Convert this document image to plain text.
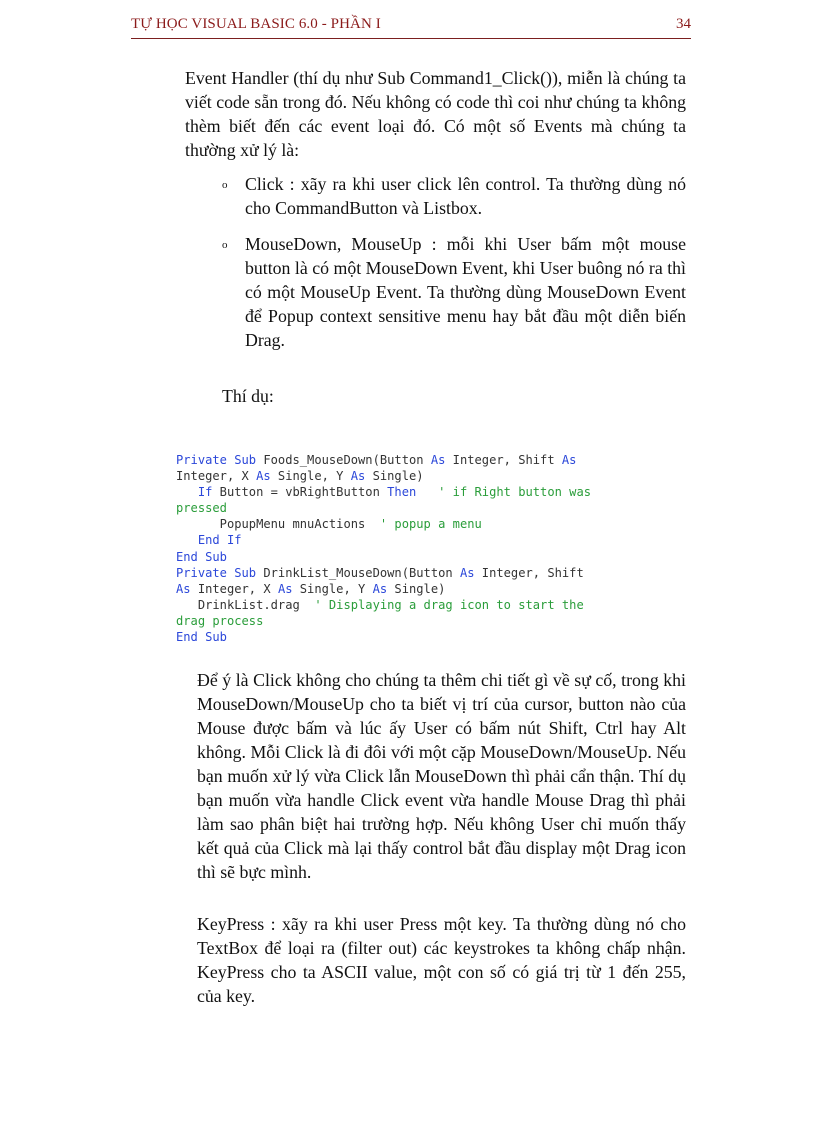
TỰ HỌC VISUAL BASIC 6.0 - PHẦN I	34

Event Handler (thí dụ như Sub Command1_Click()), miễn là chúng ta viết code sẵn trong đó. Nếu không có code thì coi như chúng ta không thèm biết đến các event loại đó. Có một số Events mà chúng ta thường xử lý là:

o Click : xãy ra khi user click lên control. Ta thường dùng nó cho CommandButton và Listbox.

o MouseDown, MouseUp : mỗi khi User bấm một mouse button là có một MouseDown Event, khi User buông nó ra thì có một MouseUp Event. Ta thường dùng MouseDown Event để Popup context sensitive menu hay bắt đầu một diễn biến Drag.

Thí dụ:
Private Sub Foods_MouseDown(Button As Integer, Shift As
Integer, X As Single, Y As Single)
If Button = vbRightButton Then   ' if Right button was
pressed
PopupMenu mnuActions  ' popup a menu
End If
End Sub
Private Sub DrinkList_MouseDown(Button As Integer, Shift
As Integer, X As Single, Y As Single)
DrinkList.drag  ' Displaying a drag icon to start the
drag process
End Sub

Để ý là Click không cho chúng ta thêm chi tiết gì về sự cố, trong khi MouseDown/MouseUp cho ta biết vị trí của cursor, button nào của Mouse được bấm và lúc ấy User có bấm nút Shift, Ctrl hay Alt không. Mỗi Click là đi đôi với một cặp MouseDown/MouseUp. Nếu bạn muốn xử lý vừa Click lẫn MouseDown thì phải cẩn thận. Thí dụ bạn muốn vừa handle Click event vừa handle Mouse Drag thì phải làm sao phân biệt hai trường hợp. Nếu không User chỉ muốn thấy kết quả của Click mà lại thấy control bắt đầu display một Drag icon thì sẽ bực mình.

KeyPress : xãy ra khi user Press một key. Ta thường dùng nó cho TextBox để loại ra (filter out) các keystrokes ta không chấp nhận. KeyPress cho ta ASCII value, một con số có giá trị từ 1 đến 255, của key.
